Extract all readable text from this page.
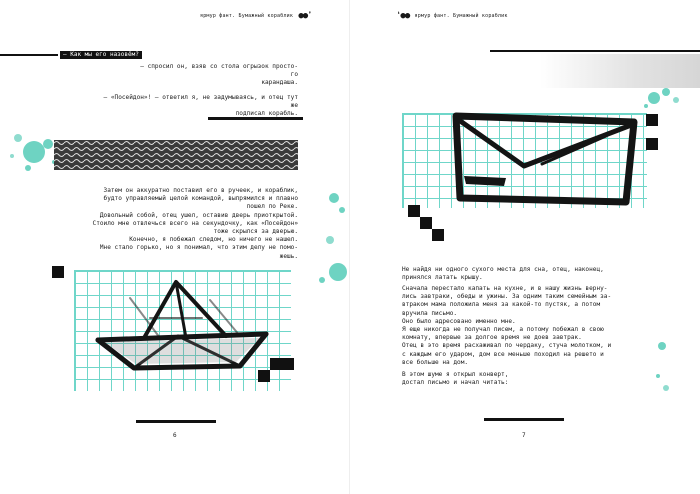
ярмур фант. Бумажный кораблик ●●❜
– Как мы его назовём?

– спросил он, взяв со стола огрызок просто-

го

карандаша.

– «Посейдон»! – ответил я, не задумываясь, и отец тут же

подписал корабль.

Затем он аккуратно поставил его в ручеек, и кораблик,

будто управляемый целой командой, выпрямился и плавно

пошел по Реке.

Довольный собой, отец ушел, оставив дверь приоткрытой.

Стоило мне отвлечься всего на секундочку, как «Посейдон»

тоже скрылся за дверью.

Конечно, я побежал следом, но ничего не нашел.

Мне стало горько, но я понимал, что этим делу не помо-

жешь.

6
❛●● ярмур фант. Бумажный кораблик

Не найдя ни одного сухого места для сна, отец, наконец,

принялся латать крышу.

Сначала перестало капать на кухне, и в нашу жизнь верну-

лись завтраки, обеды и ужины. За одним таким семейным за-

втраком мама положила меня за какой-то пустяк, а потом

вручила письмо.

Оно было адресовано именно мне.

Я еще никогда не получал писем, а потому побежал в свою

комнату, впервые за долгое время не доев завтрак.

Отец в это время расхаживал по чердаку, стуча молотком, и

с каждым его ударом, дом все меньше походил на решето и

все больше на дом.

В этом шуме я открыл конверт,

достал письмо и начал читать:

7
